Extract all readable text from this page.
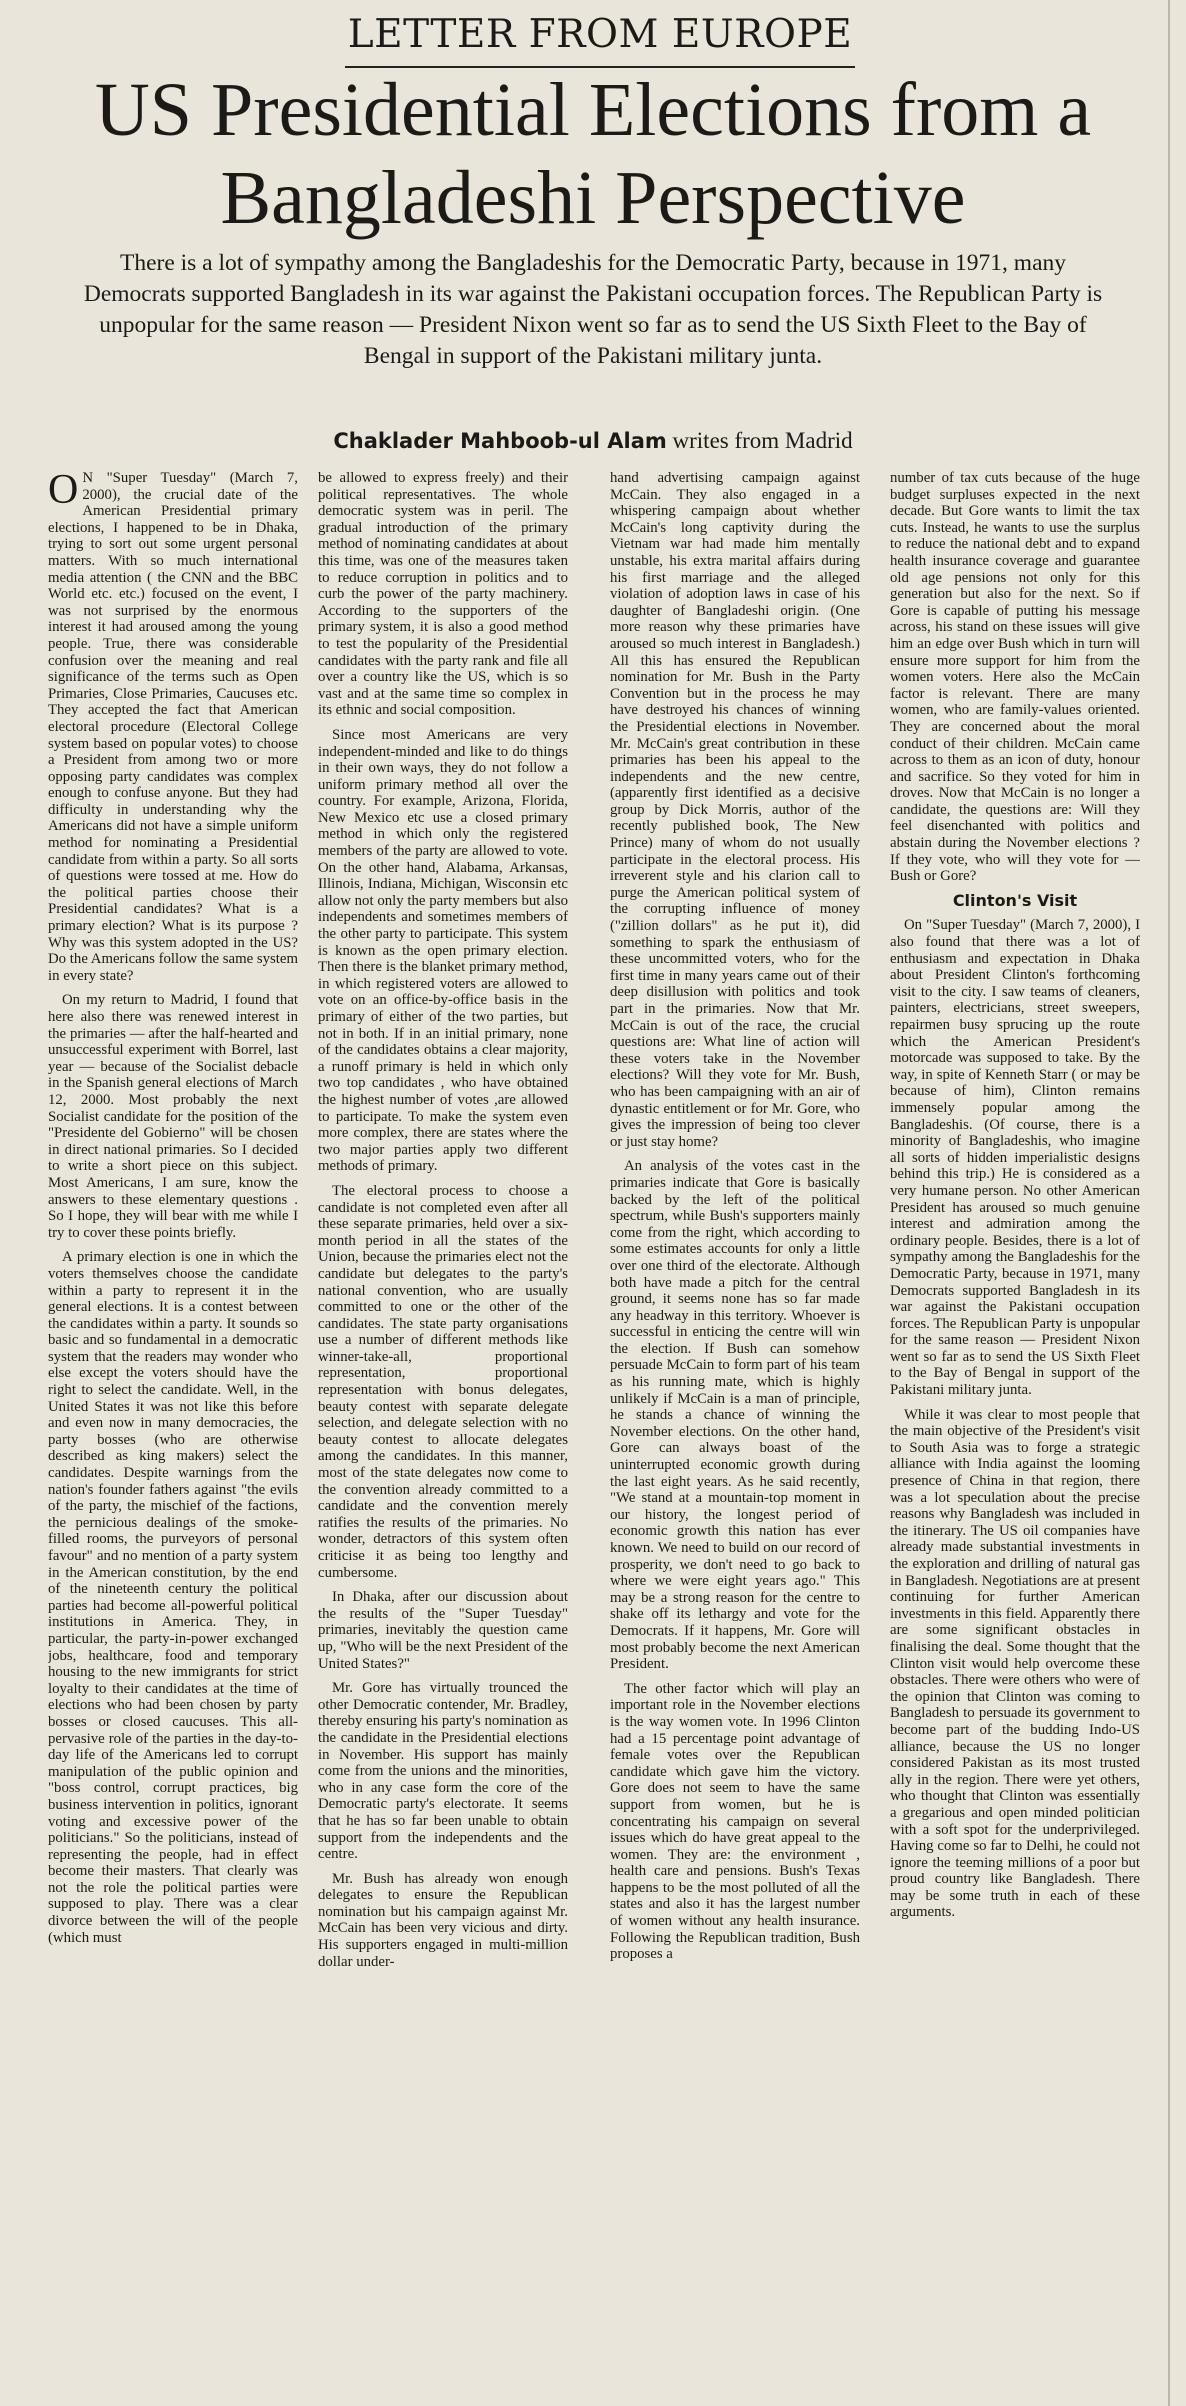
LETTER FROM EUROPE
US Presidential Elections from a Bangladeshi Perspective
There is a lot of sympathy among the Bangladeshis for the Democratic Party, because in 1971, many Democrats supported Bangladesh in its war against the Pakistani occupation forces. The Republican Party is unpopular for the same reason — President Nixon went so far as to send the US Sixth Fleet to the Bay of Bengal in support of the Pakistani military junta.
Chaklader Mahboob-ul Alam writes from Madrid

O N "Super Tuesday" (March 7, 2000), the crucial date of the American Presidential primary elections, I happened to be in Dhaka, trying to sort out some urgent personal matters. With so much international media attention ( the CNN and the BBC World etc. etc.) focused on the event, I was not surprised by the enormous interest it had aroused among the young people. True, there was considerable confusion over the meaning and real significance of the terms such as Open Primaries, Close Primaries, Caucuses etc. They accepted the fact that American electoral procedure (Electoral College system based on popular votes) to choose a President from among two or more opposing party candidates was complex enough to confuse anyone. But they had difficulty in understanding why the Americans did not have a simple uniform method for nominating a Presidential candidate from within a party. So all sorts of questions were tossed at me. How do the political parties choose their Presidential candidates? What is a primary election? What is its purpose ? Why was this system adopted in the US? Do the Americans follow the same system in every state?

On my return to Madrid, I found that here also there was renewed interest in the primaries — after the half-hearted and unsuccessful experiment with Borrel, last year — because of the Socialist debacle in the Spanish general elections of March 12, 2000. Most probably the next Socialist candidate for the position of the "Presidente del Gobierno" will be chosen in direct national primaries. So I decided to write a short piece on this subject. Most Americans, I am sure, know the answers to these elementary questions . So I hope, they will bear with me while I try to cover these points briefly.

A primary election is one in which the voters themselves choose the candidate within a party to represent it in the general elections. It is a contest between the candidates within a party. It sounds so basic and so fundamental in a democratic system that the readers may wonder who else except the voters should have the right to select the candidate. Well, in the United States it was not like this before and even now in many democracies, the party bosses (who are otherwise described as king makers) select the candidates. Despite warnings from the nation's founder fathers against "the evils of the party, the mischief of the factions, the pernicious dealings of the smoke-filled rooms, the purveyors of personal favour" and no mention of a party system in the American constitution, by the end of the nineteenth century the political parties had become all-powerful political institutions in America. They, in particular, the party-in-power exchanged jobs, healthcare, food and temporary housing to the new immigrants for strict loyalty to their candidates at the time of elections who had been chosen by party bosses or closed caucuses. This all-pervasive role of the parties in the day-to-day life of the Americans led to corrupt manipulation of the public opinion and "boss control, corrupt practices, big business intervention in politics, ignorant voting and excessive power of the politicians." So the politicians, instead of representing the people, had in effect become their masters. That clearly was not the role the political parties were supposed to play. There was a clear divorce between the will of the people (which must

be allowed to express freely) and their political representatives. The whole democratic system was in peril. The gradual introduction of the primary method of nominating candidates at about this time, was one of the measures taken to reduce corruption in politics and to curb the power of the party machinery. According to the supporters of the primary system, it is also a good method to test the popularity of the Presidential candidates with the party rank and file all over a country like the US, which is so vast and at the same time so complex in its ethnic and social composition.

Since most Americans are very independent-minded and like to do things in their own ways, they do not follow a uniform primary method all over the country. For example, Arizona, Florida, New Mexico etc use a closed primary method in which only the registered members of the party are allowed to vote. On the other hand, Alabama, Arkansas, Illinois, Indiana, Michigan, Wisconsin etc allow not only the party members but also independents and sometimes members of the other party to participate. This system is known as the open primary election. Then there is the blanket primary method, in which registered voters are allowed to vote on an office-by-office basis in the primary of either of the two parties, but not in both. If in an initial primary, none of the candidates obtains a clear majority, a runoff primary is held in which only two top candidates , who have obtained the highest number of votes ,are allowed to participate. To make the system even more complex, there are states where the two major parties apply two different methods of primary.

The electoral process to choose a candidate is not completed even after all these separate primaries, held over a six-month period in all the states of the Union, because the primaries elect not the candidate but delegates to the party's national convention, who are usually committed to one or the other of the candidates. The state party organisations use a number of different methods like winner-take-all, proportional representation, proportional representation with bonus delegates, beauty contest with separate delegate selection, and delegate selection with no beauty contest to allocate delegates among the candidates. In this manner, most of the state delegates now come to the convention already committed to a candidate and the convention merely ratifies the results of the primaries. No wonder, detractors of this system often criticise it as being too lengthy and cumbersome.

In Dhaka, after our discussion about the results of the "Super Tuesday" primaries, inevitably the question came up, "Who will be the next President of the United States?"

Mr. Gore has virtually trounced the other Democratic contender, Mr. Bradley, thereby ensuring his party's nomination as the candidate in the Presidential elections in November. His support has mainly come from the unions and the minorities, who in any case form the core of the Democratic party's electorate. It seems that he has so far been unable to obtain support from the independents and the centre.

Mr. Bush has already won enough delegates to ensure the Republican nomination but his campaign against Mr. McCain has been very vicious and dirty. His supporters engaged in multi-million dollar under-

hand advertising campaign against McCain. They also engaged in a whispering campaign about whether McCain's long captivity during the Vietnam war had made him mentally unstable, his extra marital affairs during his first marriage and the alleged violation of adoption laws in case of his daughter of Bangladeshi origin. (One more reason why these primaries have aroused so much interest in Bangladesh.) All this has ensured the Republican nomination for Mr. Bush in the Party Convention but in the process he may have destroyed his chances of winning the Presidential elections in November. Mr. McCain's great contribution in these primaries has been his appeal to the independents and the new centre, (apparently first identified as a decisive group by Dick Morris, author of the recently published book, The New Prince) many of whom do not usually participate in the electoral process. His irreverent style and his clarion call to purge the American political system of the corrupting influence of money ("zillion dollars" as he put it), did something to spark the enthusiasm of these uncommitted voters, who for the first time in many years came out of their deep disillusion with politics and took part in the primaries. Now that Mr. McCain is out of the race, the crucial questions are: What line of action will these voters take in the November elections? Will they vote for Mr. Bush, who has been campaigning with an air of dynastic entitlement or for Mr. Gore, who gives the impression of being too clever or just stay home?

An analysis of the votes cast in the primaries indicate that Gore is basically backed by the left of the political spectrum, while Bush's supporters mainly come from the right, which according to some estimates accounts for only a little over one third of the electorate. Although both have made a pitch for the central ground, it seems none has so far made any headway in this territory. Whoever is successful in enticing the centre will win the election. If Bush can somehow persuade McCain to form part of his team as his running mate, which is highly unlikely if McCain is a man of principle, he stands a chance of winning the November elections. On the other hand, Gore can always boast of the uninterrupted economic growth during the last eight years. As he said recently, "We stand at a mountain-top moment in our history, the longest period of economic growth this nation has ever known. We need to build on our record of prosperity, we don't need to go back to where we were eight years ago." This may be a strong reason for the centre to shake off its lethargy and vote for the Democrats. If it happens, Mr. Gore will most probably become the next American President.

The other factor which will play an important role in the November elections is the way women vote. In 1996 Clinton had a 15 percentage point advantage of female votes over the Republican candidate which gave him the victory. Gore does not seem to have the same support from women, but he is concentrating his campaign on several issues which do have great appeal to the women. They are: the environment , health care and pensions. Bush's Texas happens to be the most polluted of all the states and also it has the largest number of women without any health insurance. Following the Republican tradition, Bush proposes a

number of tax cuts because of the huge budget surpluses expected in the next decade. But Gore wants to limit the tax cuts. Instead, he wants to use the surplus to reduce the national debt and to expand health insurance coverage and guarantee old age pensions not only for this generation but also for the next. So if Gore is capable of putting his message across, his stand on these issues will give him an edge over Bush which in turn will ensure more support for him from the women voters. Here also the McCain factor is relevant. There are many women, who are family-values oriented. They are concerned about the moral conduct of their children. McCain came across to them as an icon of duty, honour and sacrifice. So they voted for him in droves. Now that McCain is no longer a candidate, the questions are: Will they feel disenchanted with politics and abstain during the November elections ? If they vote, who will they vote for — Bush or Gore?

Clinton's Visit

On "Super Tuesday" (March 7, 2000), I also found that there was a lot of enthusiasm and expectation in Dhaka about President Clinton's forthcoming visit to the city. I saw teams of cleaners, painters, electricians, street sweepers, repairmen busy sprucing up the route which the American President's motorcade was supposed to take. By the way, in spite of Kenneth Starr ( or may be because of him), Clinton remains immensely popular among the Bangladeshis. (Of course, there is a minority of Bangladeshis, who imagine all sorts of hidden imperialistic designs behind this trip.) He is considered as a very humane person. No other American President has aroused so much genuine interest and admiration among the ordinary people. Besides, there is a lot of sympathy among the Bangladeshis for the Democratic Party, because in 1971, many Democrats supported Bangladesh in its war against the Pakistani occupation forces. The Republican Party is unpopular for the same reason — President Nixon went so far as to send the US Sixth Fleet to the Bay of Bengal in support of the Pakistani military junta.

While it was clear to most people that the main objective of the President's visit to South Asia was to forge a strategic alliance with India against the looming presence of China in that region, there was a lot speculation about the precise reasons why Bangladesh was included in the itinerary. The US oil companies have already made substantial investments in the exploration and drilling of natural gas in Bangladesh. Negotiations are at present continuing for further American investments in this field. Apparently there are some significant obstacles in finalising the deal. Some thought that the Clinton visit would help overcome these obstacles. There were others who were of the opinion that Clinton was coming to Bangladesh to persuade its government to become part of the budding Indo-US alliance, because the US no longer considered Pakistan as its most trusted ally in the region. There were yet others, who thought that Clinton was essentially a gregarious and open minded politician with a soft spot for the underprivileged. Having come so far to Delhi, he could not ignore the teeming millions of a poor but proud country like Bangladesh. There may be some truth in each of these arguments.
